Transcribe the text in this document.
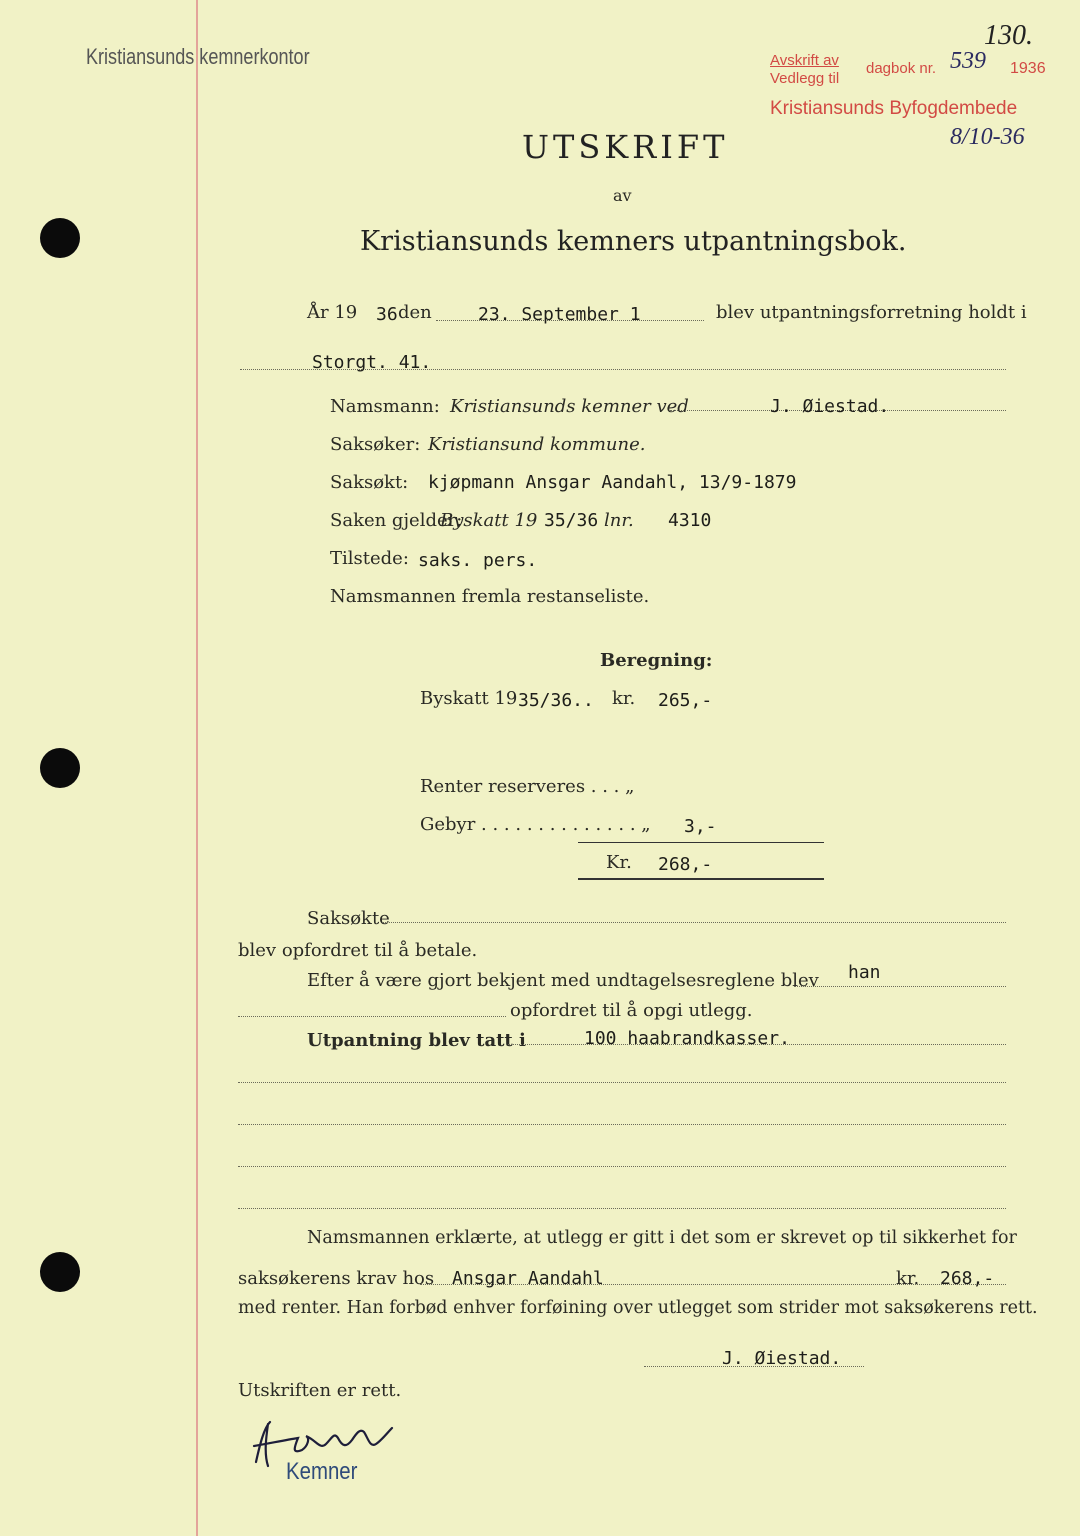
Kristiansunds kemnerkontor
130.
Avskrift av
Vedlegg til
dagbok nr. 539 1936
Kristiansunds Byfogdembede
8/10-36
UTSKRIFT
av
Kristiansunds kemners utpantningsbok.
År 19 36 den	23. September 1	blev utpantningsforretning holdt i
Storgt. 41.
Namsmann: Kristiansunds kemner ved	J. Øiestad.
Saksøker: Kristiansund kommune.
Saksøkt: kjøpmann Ansgar Aandahl, 13/9-1879
Saken gjelder:
Byskatt 19 35/36 lnr. 4310
Tilstede: saks. pers.
Namsmannen fremla restanseliste.
Beregning:
Byskatt 19 35/36.. kr. 265,-
Renter reserveres . . . „
Gebyr . . . . . . . . . . . . . . „ 3,-
Kr. 268,-
Saksøkte
blev opfordret til å betale.
Efter å være gjort bekjent med undtagelsesreglene blev han
opfordret til å opgi utlegg.
Utpantning blev tatt i	100 haabrandkasser.
Namsmannen erklærte, at utlegg er gitt i det som er skrevet op til sikkerhet for
saksøkerens krav hos Ansgar Aandahl	kr. 268,-
med renter. Han forbød enhver forføining over utlegget som strider mot saksøkerens rett.
J. Øiestad.
Utskriften er rett.
Kemner
